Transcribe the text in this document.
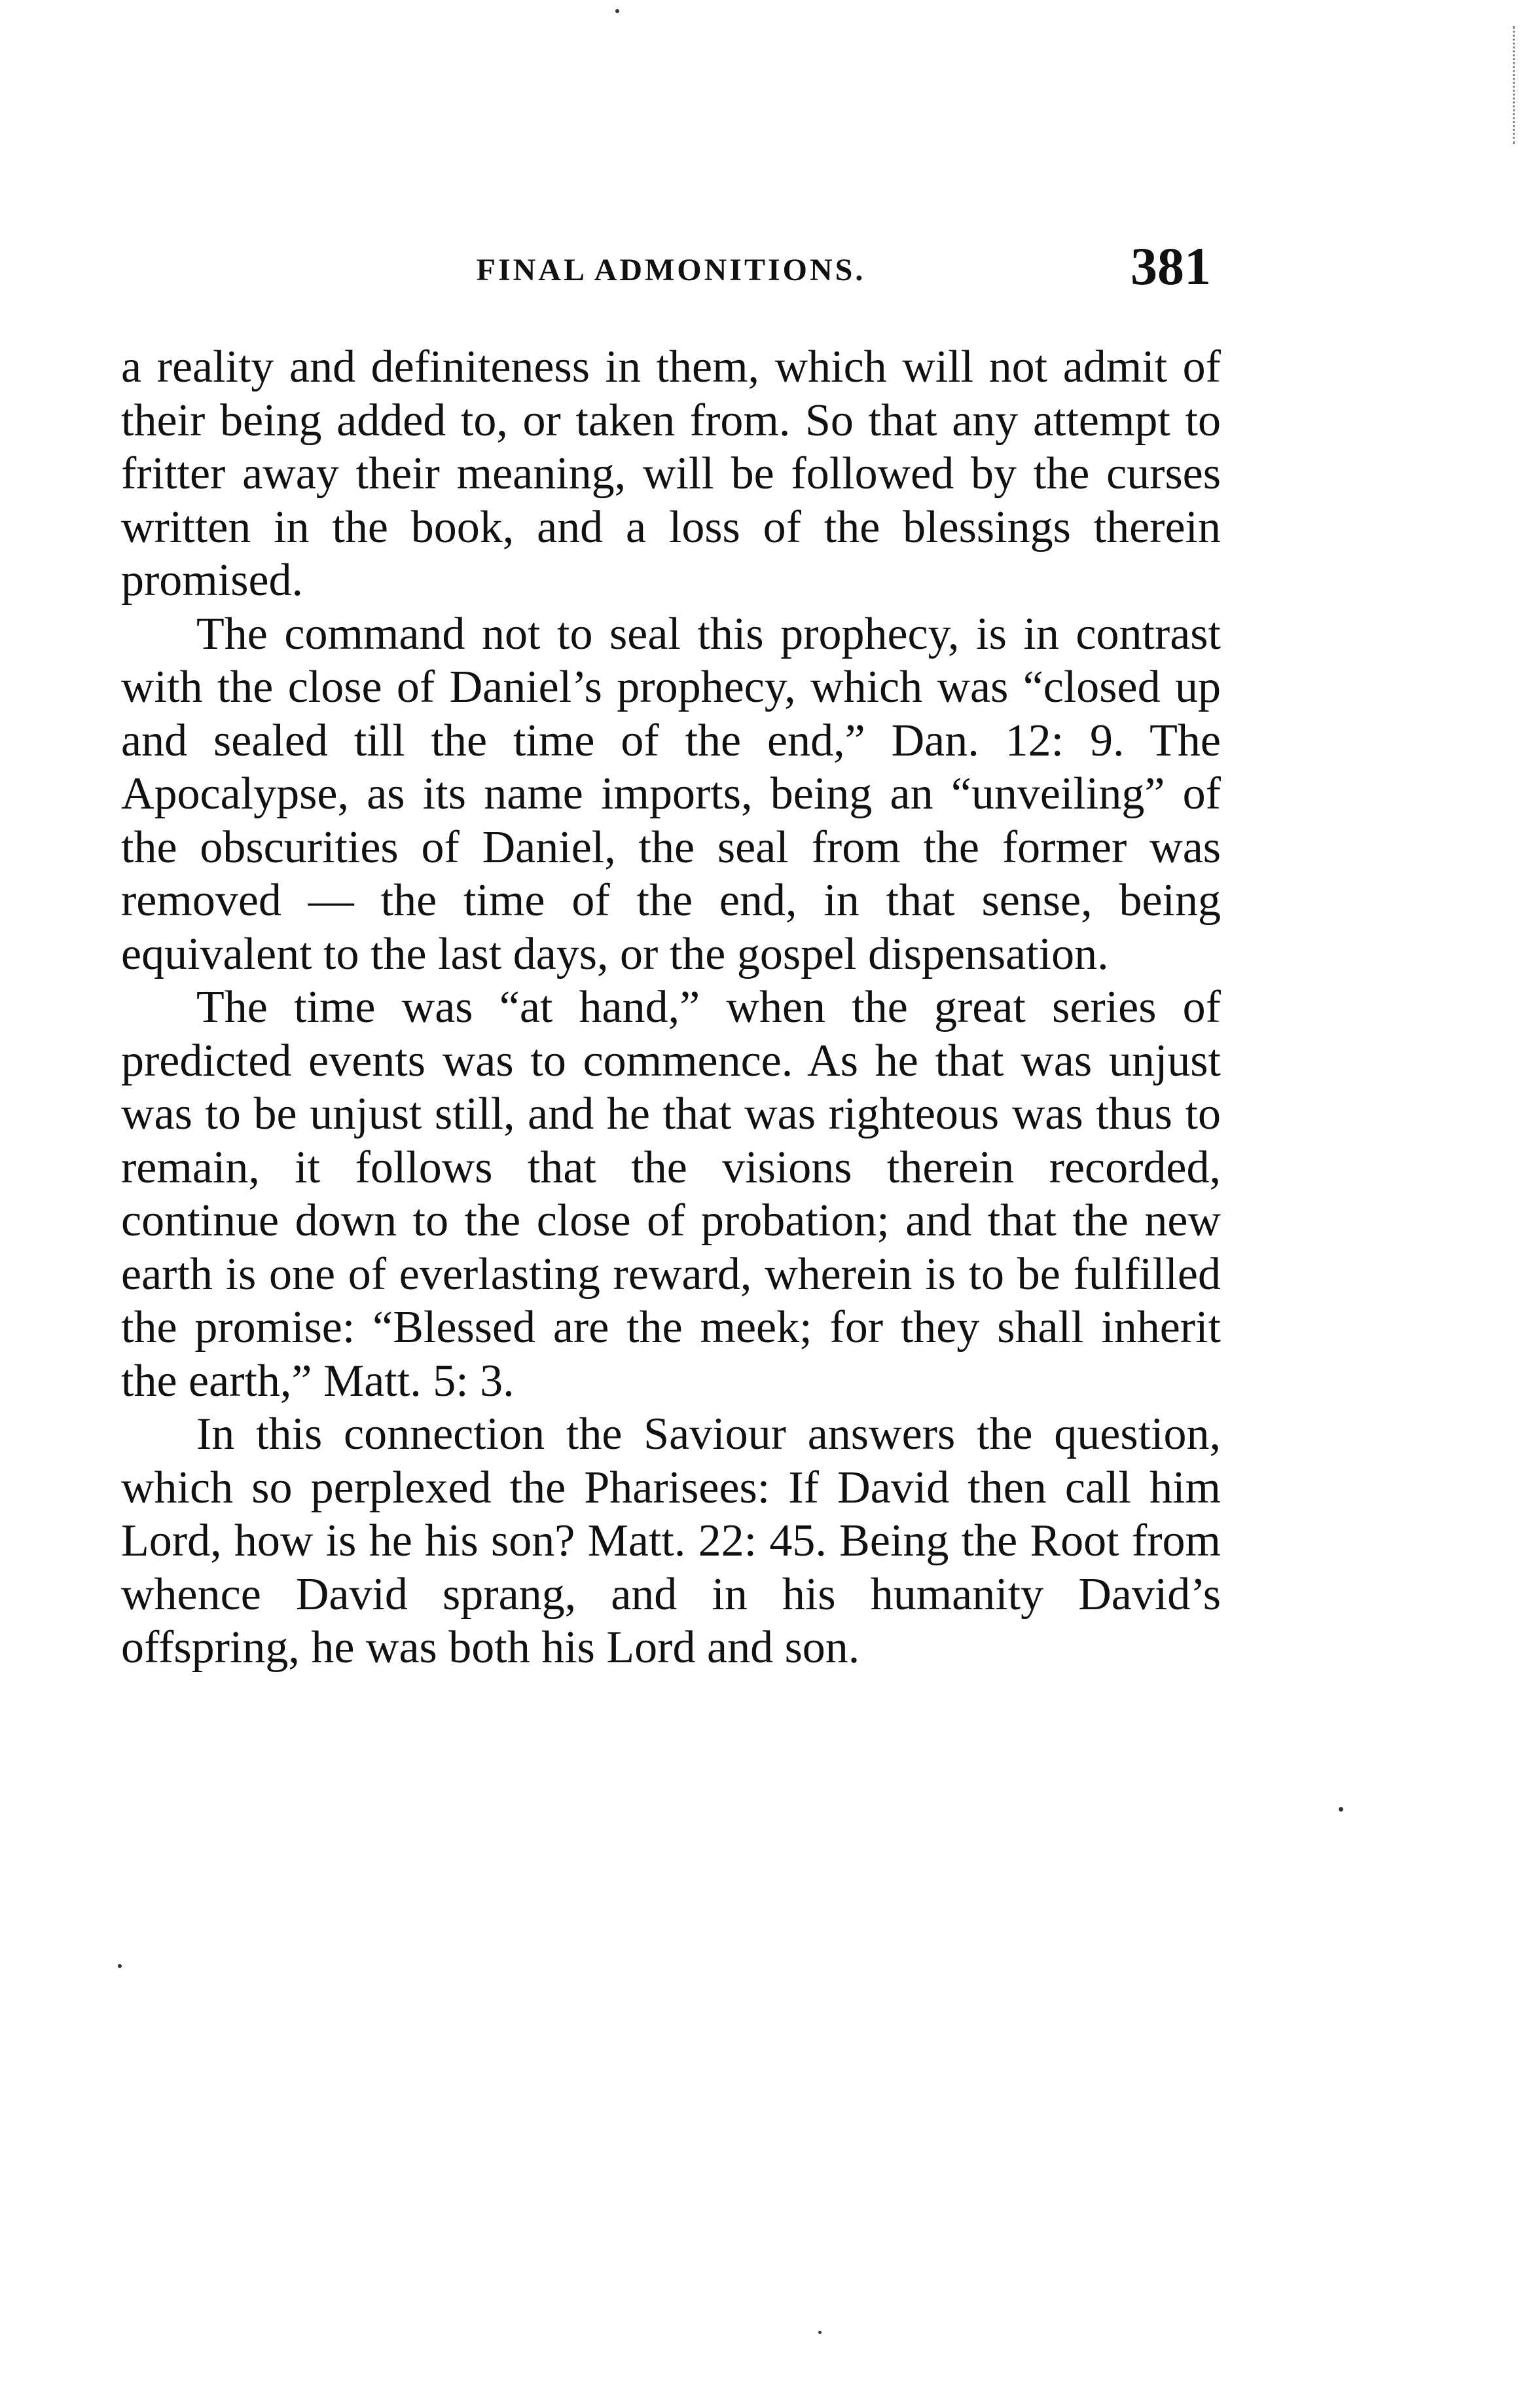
FINAL ADMONITIONS.	381

a reality and definiteness in them, which will not admit of their being added to, or taken from. So that any attempt to fritter away their meaning, will be followed by the curses written in the book, and a loss of the blessings therein promised.

The command not to seal this prophecy, is in contrast with the close of Daniel’s prophecy, which was “closed up and sealed till the time of the end,” Dan. 12: 9. The Apocalypse, as its name imports, being an “unveiling” of the obscurities of Daniel, the seal from the former was removed — the time of the end, in that sense, being equivalent to the last days, or the gospel dispensation.

The time was “at hand,” when the great series of predicted events was to commence. As he that was unjust was to be unjust still, and he that was righteous was thus to remain, it follows that the visions therein recorded, continue down to the close of probation; and that the new earth is one of everlasting reward, wherein is to be fulfilled the promise: “Blessed are the meek; for they shall inherit the earth,” Matt. 5: 3.

In this connection the Saviour answers the question, which so perplexed the Pharisees: If David then call him Lord, how is he his son? Matt. 22: 45. Being the Root from whence David sprang, and in his humanity David’s offspring, he was both his Lord and son.
